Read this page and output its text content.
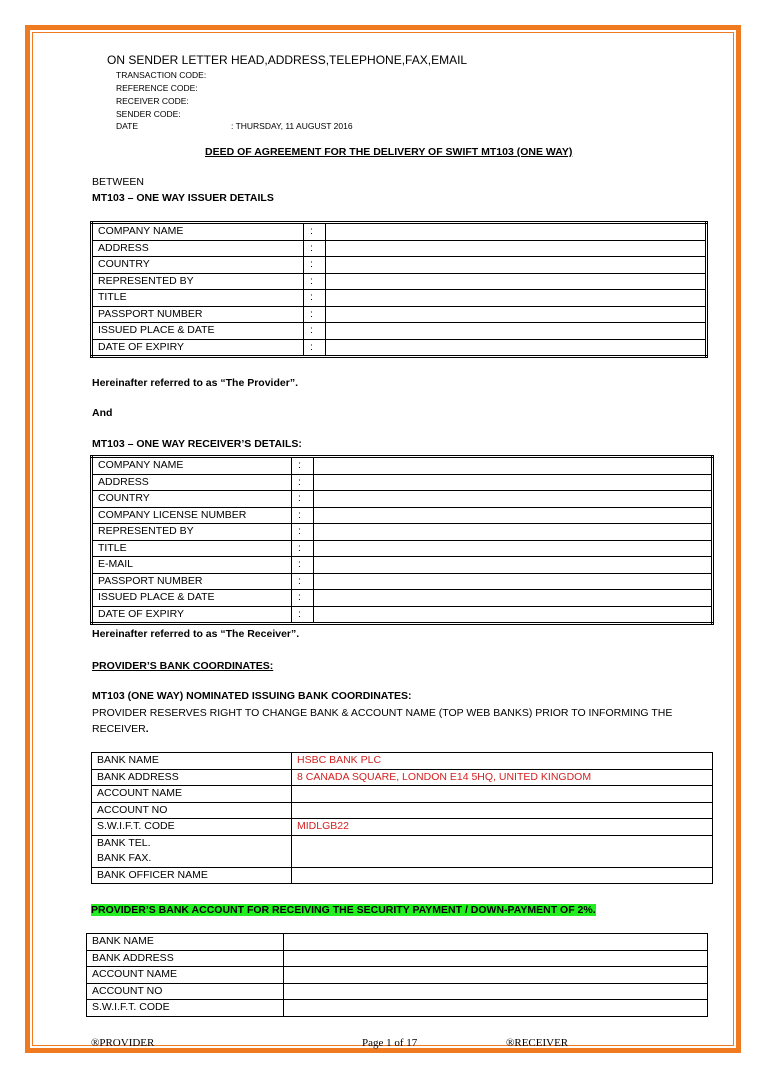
ON SENDER LETTER HEAD,ADDRESS,TELEPHONE,FAX,EMAIL
TRANSACTION CODE:
REFERENCE CODE:
RECEIVER CODE:
SENDER CODE:
DATE	: THURSDAY, 11 AUGUST 2016
DEED OF AGREEMENT FOR THE DELIVERY OF SWIFT MT103 (ONE WAY)
BETWEEN
MT103 – ONE WAY ISSUER DETAILS
COMPANY NAME	:	
ADDRESS	:	
COUNTRY	:	
REPRESENTED BY	:	
TITLE	:	
PASSPORT NUMBER	:	
ISSUED PLACE & DATE	:	
DATE OF EXPIRY	:	
Hereinafter referred to as “The Provider”.
And
MT103 – ONE WAY RECEIVER’S DETAILS:
COMPANY NAME	:	
ADDRESS	:	
COUNTRY	:	
COMPANY LICENSE NUMBER	:	
REPRESENTED BY	:	
TITLE	:	
E-MAIL	:	
PASSPORT NUMBER	:	
ISSUED PLACE & DATE	:	
DATE OF EXPIRY	:	
Hereinafter referred to as “The Receiver”.
PROVIDER’S BANK COORDINATES:
MT103 (ONE WAY) NOMINATED ISSUING BANK COORDINATES:
PROVIDER RESERVES RIGHT TO CHANGE BANK & ACCOUNT NAME (TOP WEB BANKS) PRIOR TO INFORMING THE
RECEIVER.
BANK NAME	HSBC BANK PLC
BANK ADDRESS	8 CANADA SQUARE, LONDON E14 5HQ, UNITED KINGDOM
ACCOUNT NAME	
ACCOUNT NO	
S.W.I.F.T. CODE	MIDLGB22

BANK TEL.
BANK FAX.	

BANK OFFICER NAME	
PROVIDER’S BANK ACCOUNT FOR RECEIVING THE SECURITY PAYMENT / DOWN-PAYMENT OF 2%.
BANK NAME	
BANK ADDRESS	
ACCOUNT NAME	
ACCOUNT NO	
S.W.I.F.T. CODE	
®PROVIDER	Page 1 of 17	®RECEIVER
